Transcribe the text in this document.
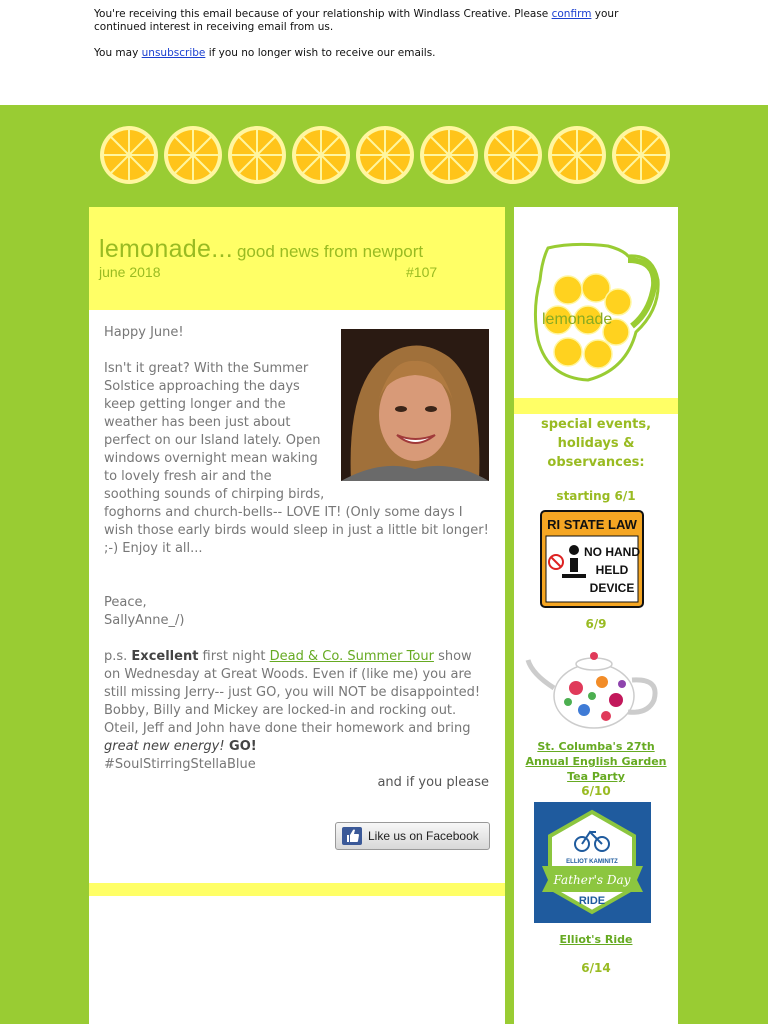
You're receiving this email because of your relationship with Windlass Creative. Please confirm your continued interest in receiving email from us.

You may unsubscribe if you no longer wish to receive our emails.

lemonade... good news from newport
june 2018	#107

Happy June!

Isn't it great? With the Summer Solstice approaching the days keep getting longer and the weather has been just about perfect on our Island lately. Open windows overnight mean waking to lovely fresh air and the soothing sounds of chirping birds, foghorns and church-bells-- LOVE IT! (Only some days I wish those early birds would sleep in just a little bit longer! ;-) Enjoy it all...

Peace,

SallyAnne_/)

p.s. Excellent first night Dead & Co. Summer Tour show on Wednesday at Great Woods. Even if (like me) you are still missing Jerry-- just GO, you will NOT be disappointed! Bobby, Billy and Mickey are locked-in and rocking out. Oteil, Jeff and John have done their homework and bring great new energy! GO!

#SoulStirringStellaBlue

and if you please

Like us on Facebook
lemonade
special events, holidays & observances:
starting 6/1
RI STATE LAW
NO HAND
HELD
DEVICE
6/9
St. Columba's 27th Annual English Garden Tea Party
6/10
ELLIOT KAMINITZ
Father's Day
RIDE
Elliot's Ride
6/14
